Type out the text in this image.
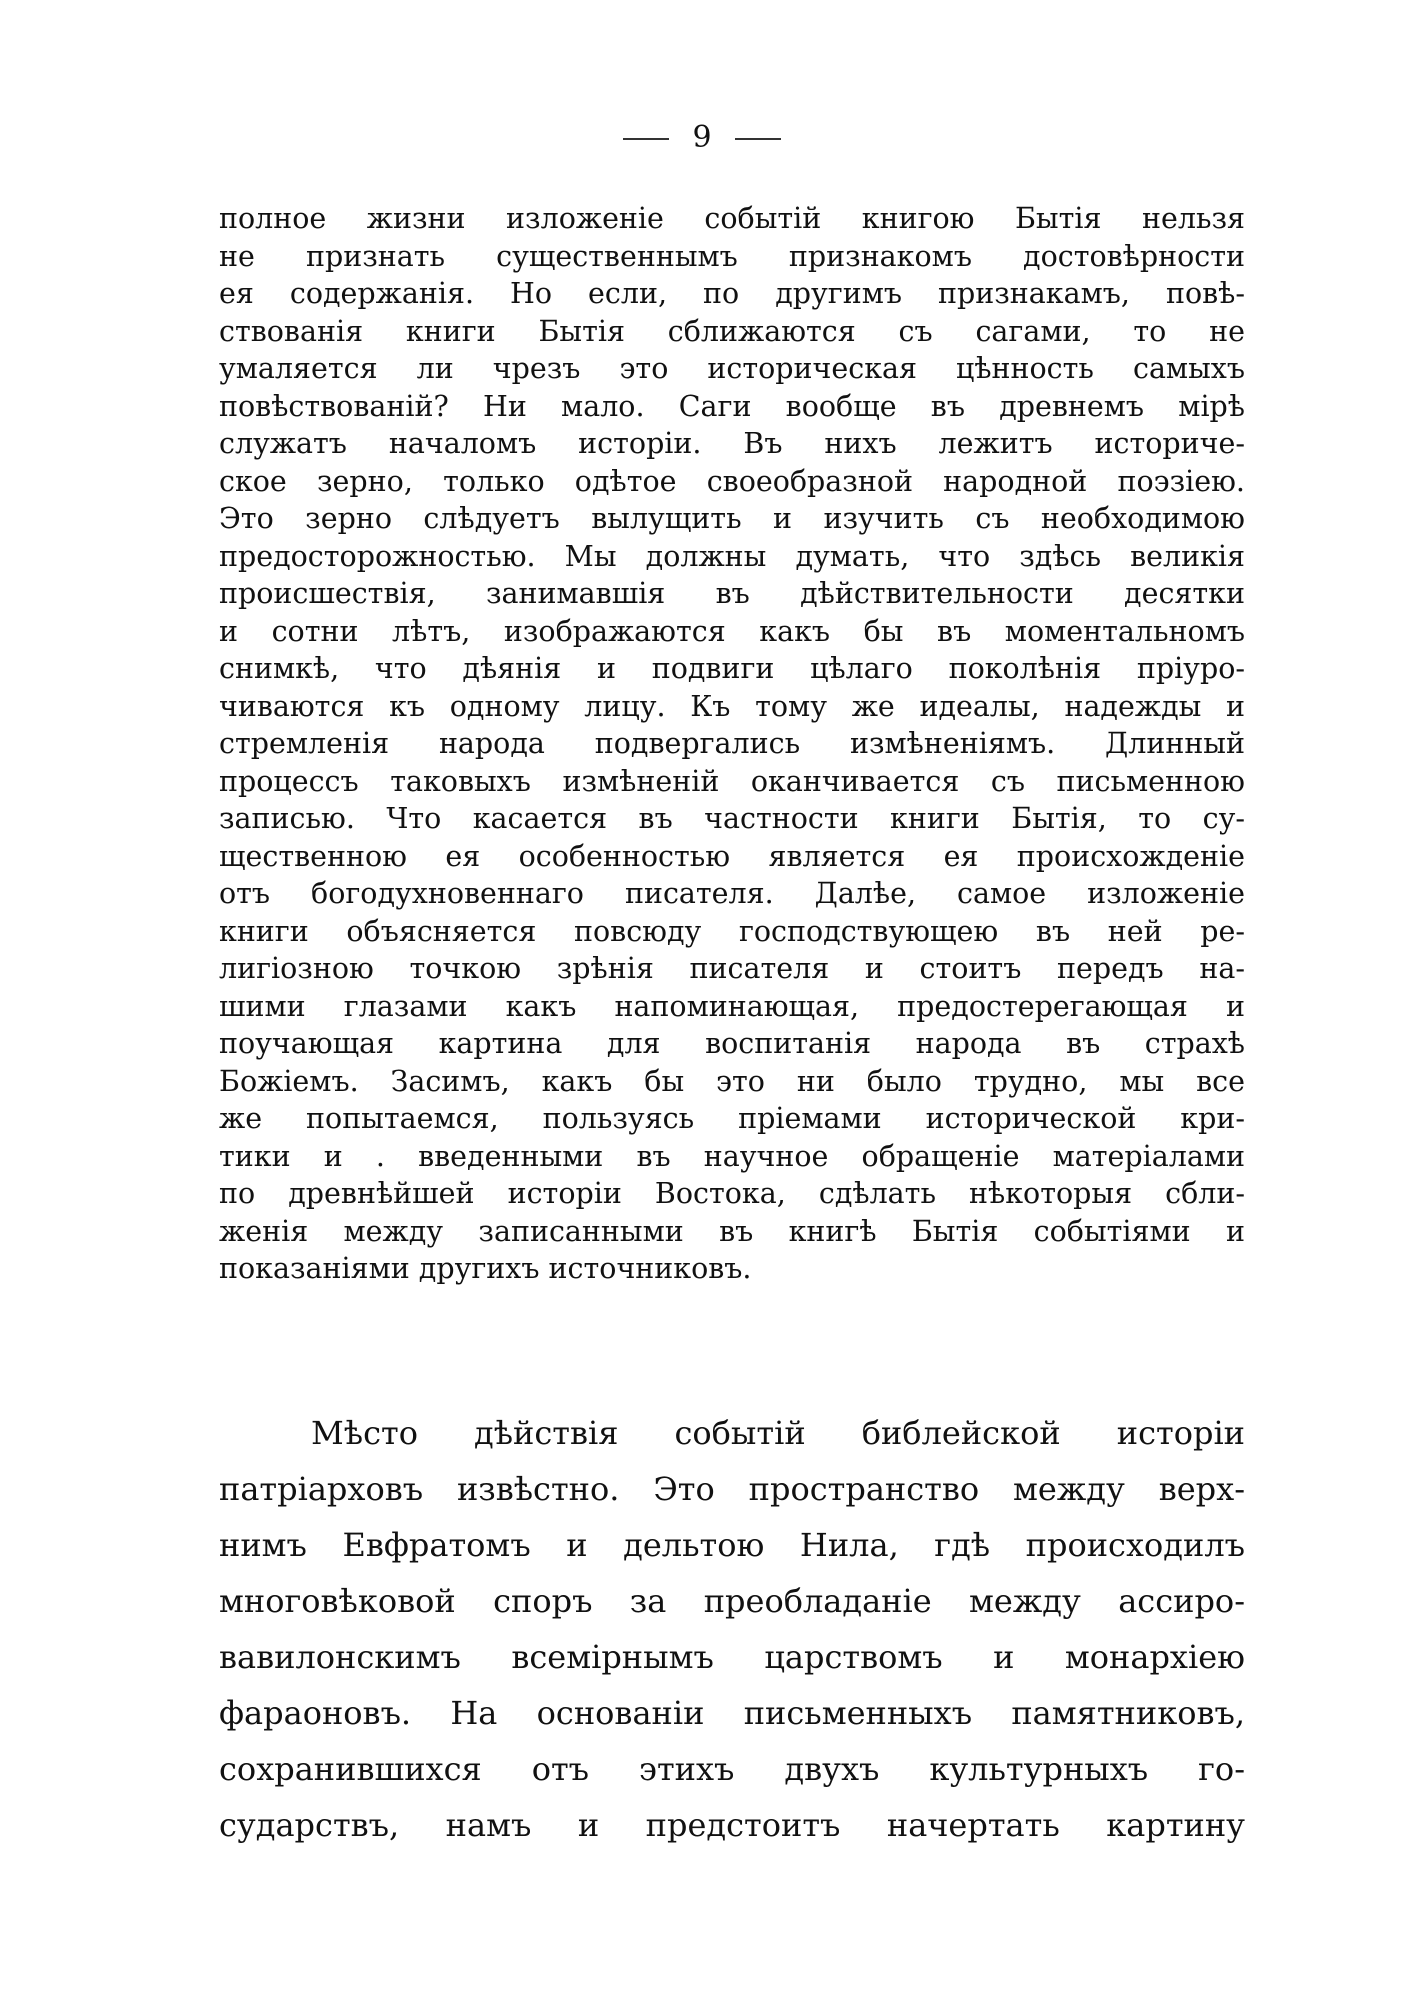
9
полное жизни изложеніе событій книгою Бытія нельзя
не признать существеннымъ признакомъ достовѣрности
ея содержанія. Но если, по другимъ признакамъ, повѣ-
ствованія книги Бытія сближаются съ сагами, то не
умаляется ли чрезъ это историческая цѣнность самыхъ
повѣствованій? Ни мало. Саги вообще въ древнемъ мірѣ
служатъ началомъ исторіи. Въ нихъ лежитъ историче-
ское зерно, только одѣтое своеобразной народной поэзіею.
Это зерно слѣдуетъ вылущить и изучить съ необходимою
предосторожностью. Мы должны думать, что здѣсь великія
происшествія, занимавшія въ дѣйствительности десятки
и сотни лѣтъ, изображаются какъ бы въ моментальномъ
снимкѣ, что дѣянія и подвиги цѣлаго поколѣнія пріуро-
чиваются къ одному лицу. Къ тому же идеалы, надежды и
стремленія народа подвергались измѣненіямъ. Длинный
процессъ таковыхъ измѣненій оканчивается съ письменною
записью. Что касается въ частности книги Бытія, то су-
щественною ея особенностью является ея происхожденіе
отъ богодухновеннаго писателя. Далѣе, самое изложеніе
книги объясняется повсюду господствующею въ ней ре-
лигіозною точкою зрѣнія писателя и стоитъ передъ на-
шими глазами какъ напоминающая, предостерегающая и
поучающая картина для воспитанія народа въ страхѣ
Божіемъ. Засимъ, какъ бы это ни было трудно, мы все
же попытаемся, пользуясь пріемами исторической кри-
тики и . введенными въ научное обращеніе матеріалами
по древнѣйшей исторіи Востока, сдѣлать нѣкоторыя сбли-
женія между записанными въ книгѣ Бытія событіями и
показаніями другихъ источниковъ.
Мѣсто дѣйствія событій библейской исторіи
патріарховъ извѣстно. Это пространство между верх-
нимъ Евфратомъ и дельтою Нила, гдѣ происходилъ
многовѣковой споръ за преобладаніе между ассиро-
вавилонскимъ всемірнымъ царствомъ и монархіею
фараоновъ. На основаніи письменныхъ памятниковъ,
сохранившихся отъ этихъ двухъ культурныхъ го-
сударствъ, намъ и предстоитъ начертать картину
